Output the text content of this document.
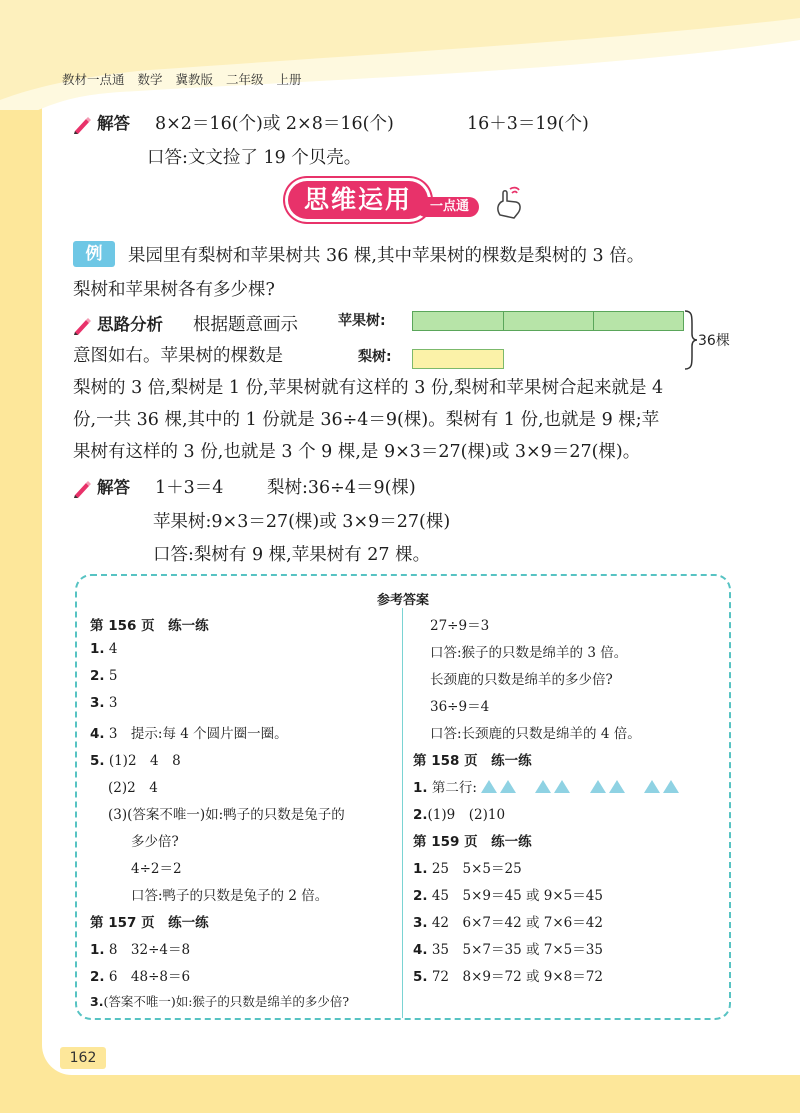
教材一点通 数学 冀教版 二年级 上册
解答 8×2＝16(个)或 2×8＝16(个)	16＋3＝19(个)
口答:文文捡了 19 个贝壳。
思维运用	一点通
例	果园里有梨树和苹果树共 36 棵,其中苹果树的棵数是梨树的 3 倍。
梨树和苹果树各有多少棵?
思路分析 根据题意画示
意图如右。苹果树的棵数是
苹果树:
梨树:
36棵
梨树的 3 倍,梨树是 1 份,苹果树就有这样的 3 份,梨树和苹果树合起来就是 4
份,一共 36 棵,其中的 1 份就是 36÷4＝9(棵)。梨树有 1 份,也就是 9 棵;苹
果树有这样的 3 份,也就是 3 个 9 棵,是 9×3＝27(棵)或 3×9＝27(棵)。
解答 1＋3＝4 梨树:36÷4＝9(棵)
苹果树:9×3＝27(棵)或 3×9＝27(棵)
口答:梨树有 9 棵,苹果树有 27 棵。
参考答案
第 156 页　练一练
1. 4
2. 5
3. 3
4. 3　提示:每 4 个圆片圈一圈。
5. (1)2　4　8
(2)2　4
(3)(答案不唯一)如:鸭子的只数是兔子的
多少倍?
4÷2＝2
口答:鸭子的只数是兔子的 2 倍。
第 157 页　练一练
1. 8　32÷4＝8
2. 6　48÷8＝6
3.(答案不唯一)如:猴子的只数是绵羊的多少倍?
27÷9＝3
口答:猴子的只数是绵羊的 3 倍。
长颈鹿的只数是绵羊的多少倍?
36÷9＝4
口答:长颈鹿的只数是绵羊的 4 倍。
第 158 页　练一练
1. 第二行:
2.(1)9　(2)10
第 159 页　练一练
1. 25　5×5＝25
2. 45　5×9＝45 或 9×5＝45
3. 42　6×7＝42 或 7×6＝42
4. 35　5×7＝35 或 7×5＝35
5. 72　8×9＝72 或 9×8＝72
162
